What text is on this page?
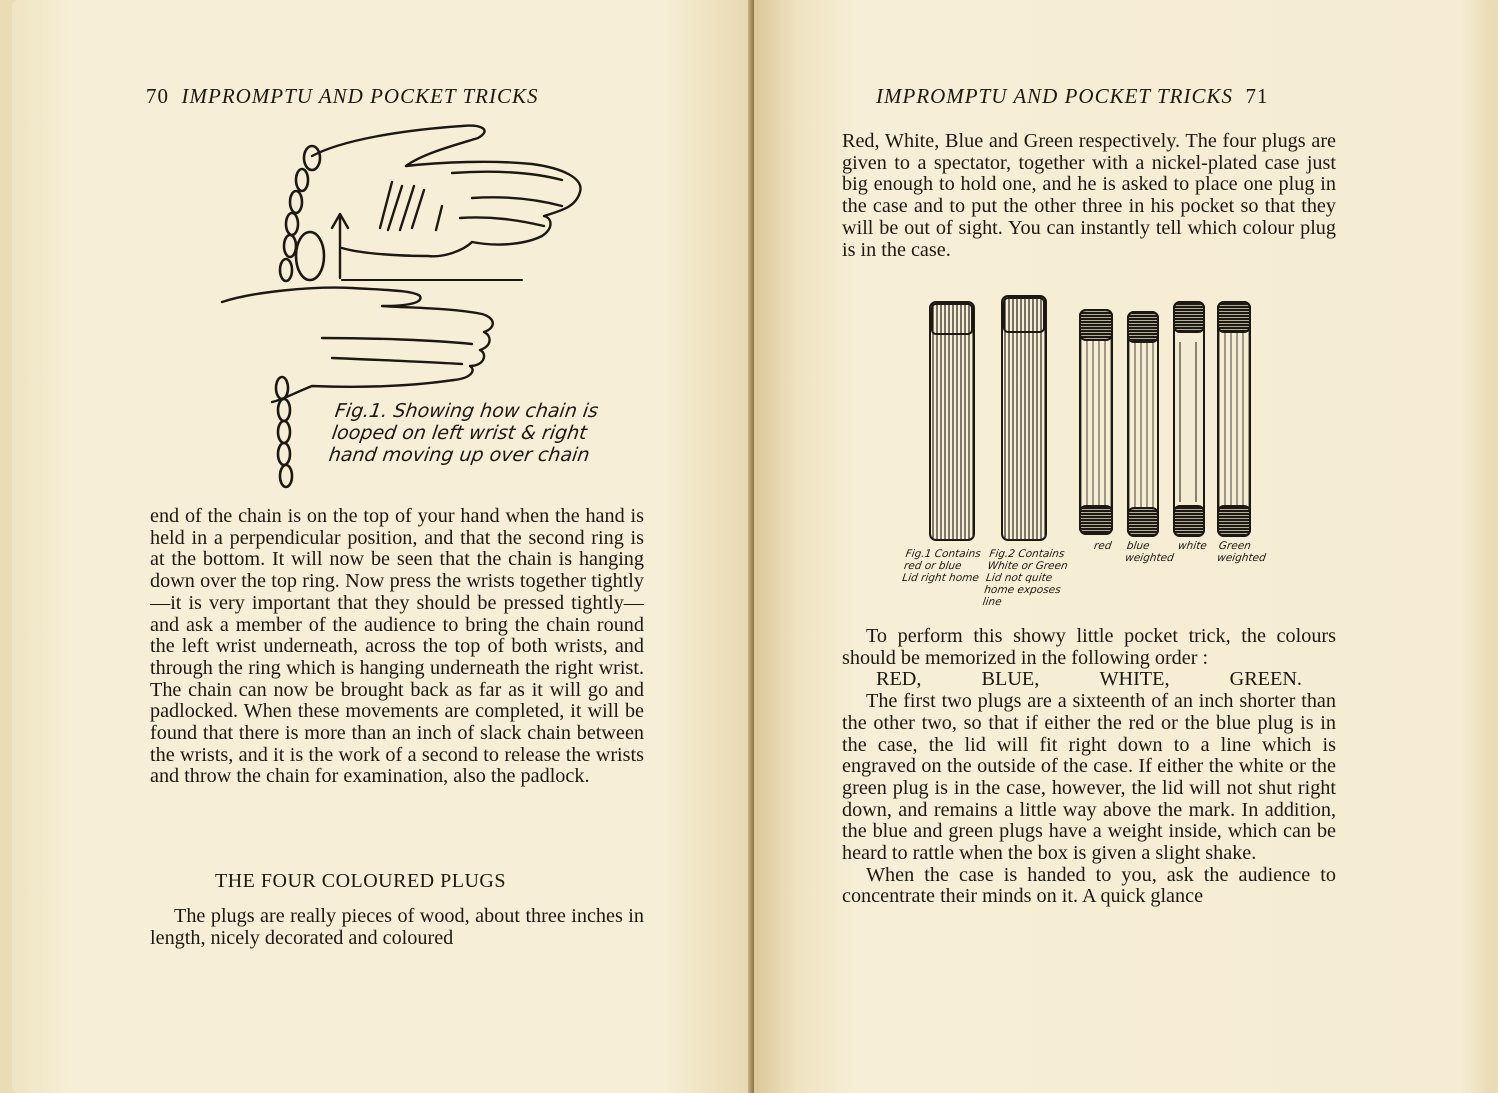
70 IMPROMPTU AND POCKET TRICKS
Fig.1. Showing how chain is
looped on left wrist & right
hand moving up over chain

end of the chain is on the top of your hand when the hand is held in a perpendicular position, and that the second ring is at the bottom. It will now be seen that the chain is hanging down over the top ring. Now press the wrists together tightly—it is very important that they should be pressed tightly—and ask a member of the audience to bring the chain round the left wrist underneath, across the top of both wrists, and through the ring which is hanging underneath the right wrist. The chain can now be brought back as far as it will go and padlocked. When these movements are completed, it will be found that there is more than an inch of slack chain between the wrists, and it is the work of a second to release the wrists and throw the chain for examination, also the padlock.

THE FOUR COLOURED PLUGS

The plugs are really pieces of wood, about three inches in length, nicely decorated and coloured

IMPROMPTU AND POCKET TRICKS 71

Red, White, Blue and Green respectively. The four plugs are given to a spectator, together with a nickel-plated case just big enough to hold one, and he is asked to place one plug in the case and to put the other three in his pocket so that they will be out of sight. You can instantly tell which colour plug is in the case.

Fig.1 Contains
red or blue
Lid right home
Fig.2 Contains
White or Green
Lid not quite
home exposes
line
red blue
weighted
white Green
weighted

To perform this showy little pocket trick, the colours should be memorized in the following order :

RED,	BLUE,	WHITE,	GREEN.

The first two plugs are a sixteenth of an inch shorter than the other two, so that if either the red or the blue plug is in the case, the lid will fit right down to a line which is engraved on the outside of the case. If either the white or the green plug is in the case, however, the lid will not shut right down, and remains a little way above the mark. In addition, the blue and green plugs have a weight inside, which can be heard to rattle when the box is given a slight shake.

When the case is handed to you, ask the audience to concentrate their minds on it. A quick glance
